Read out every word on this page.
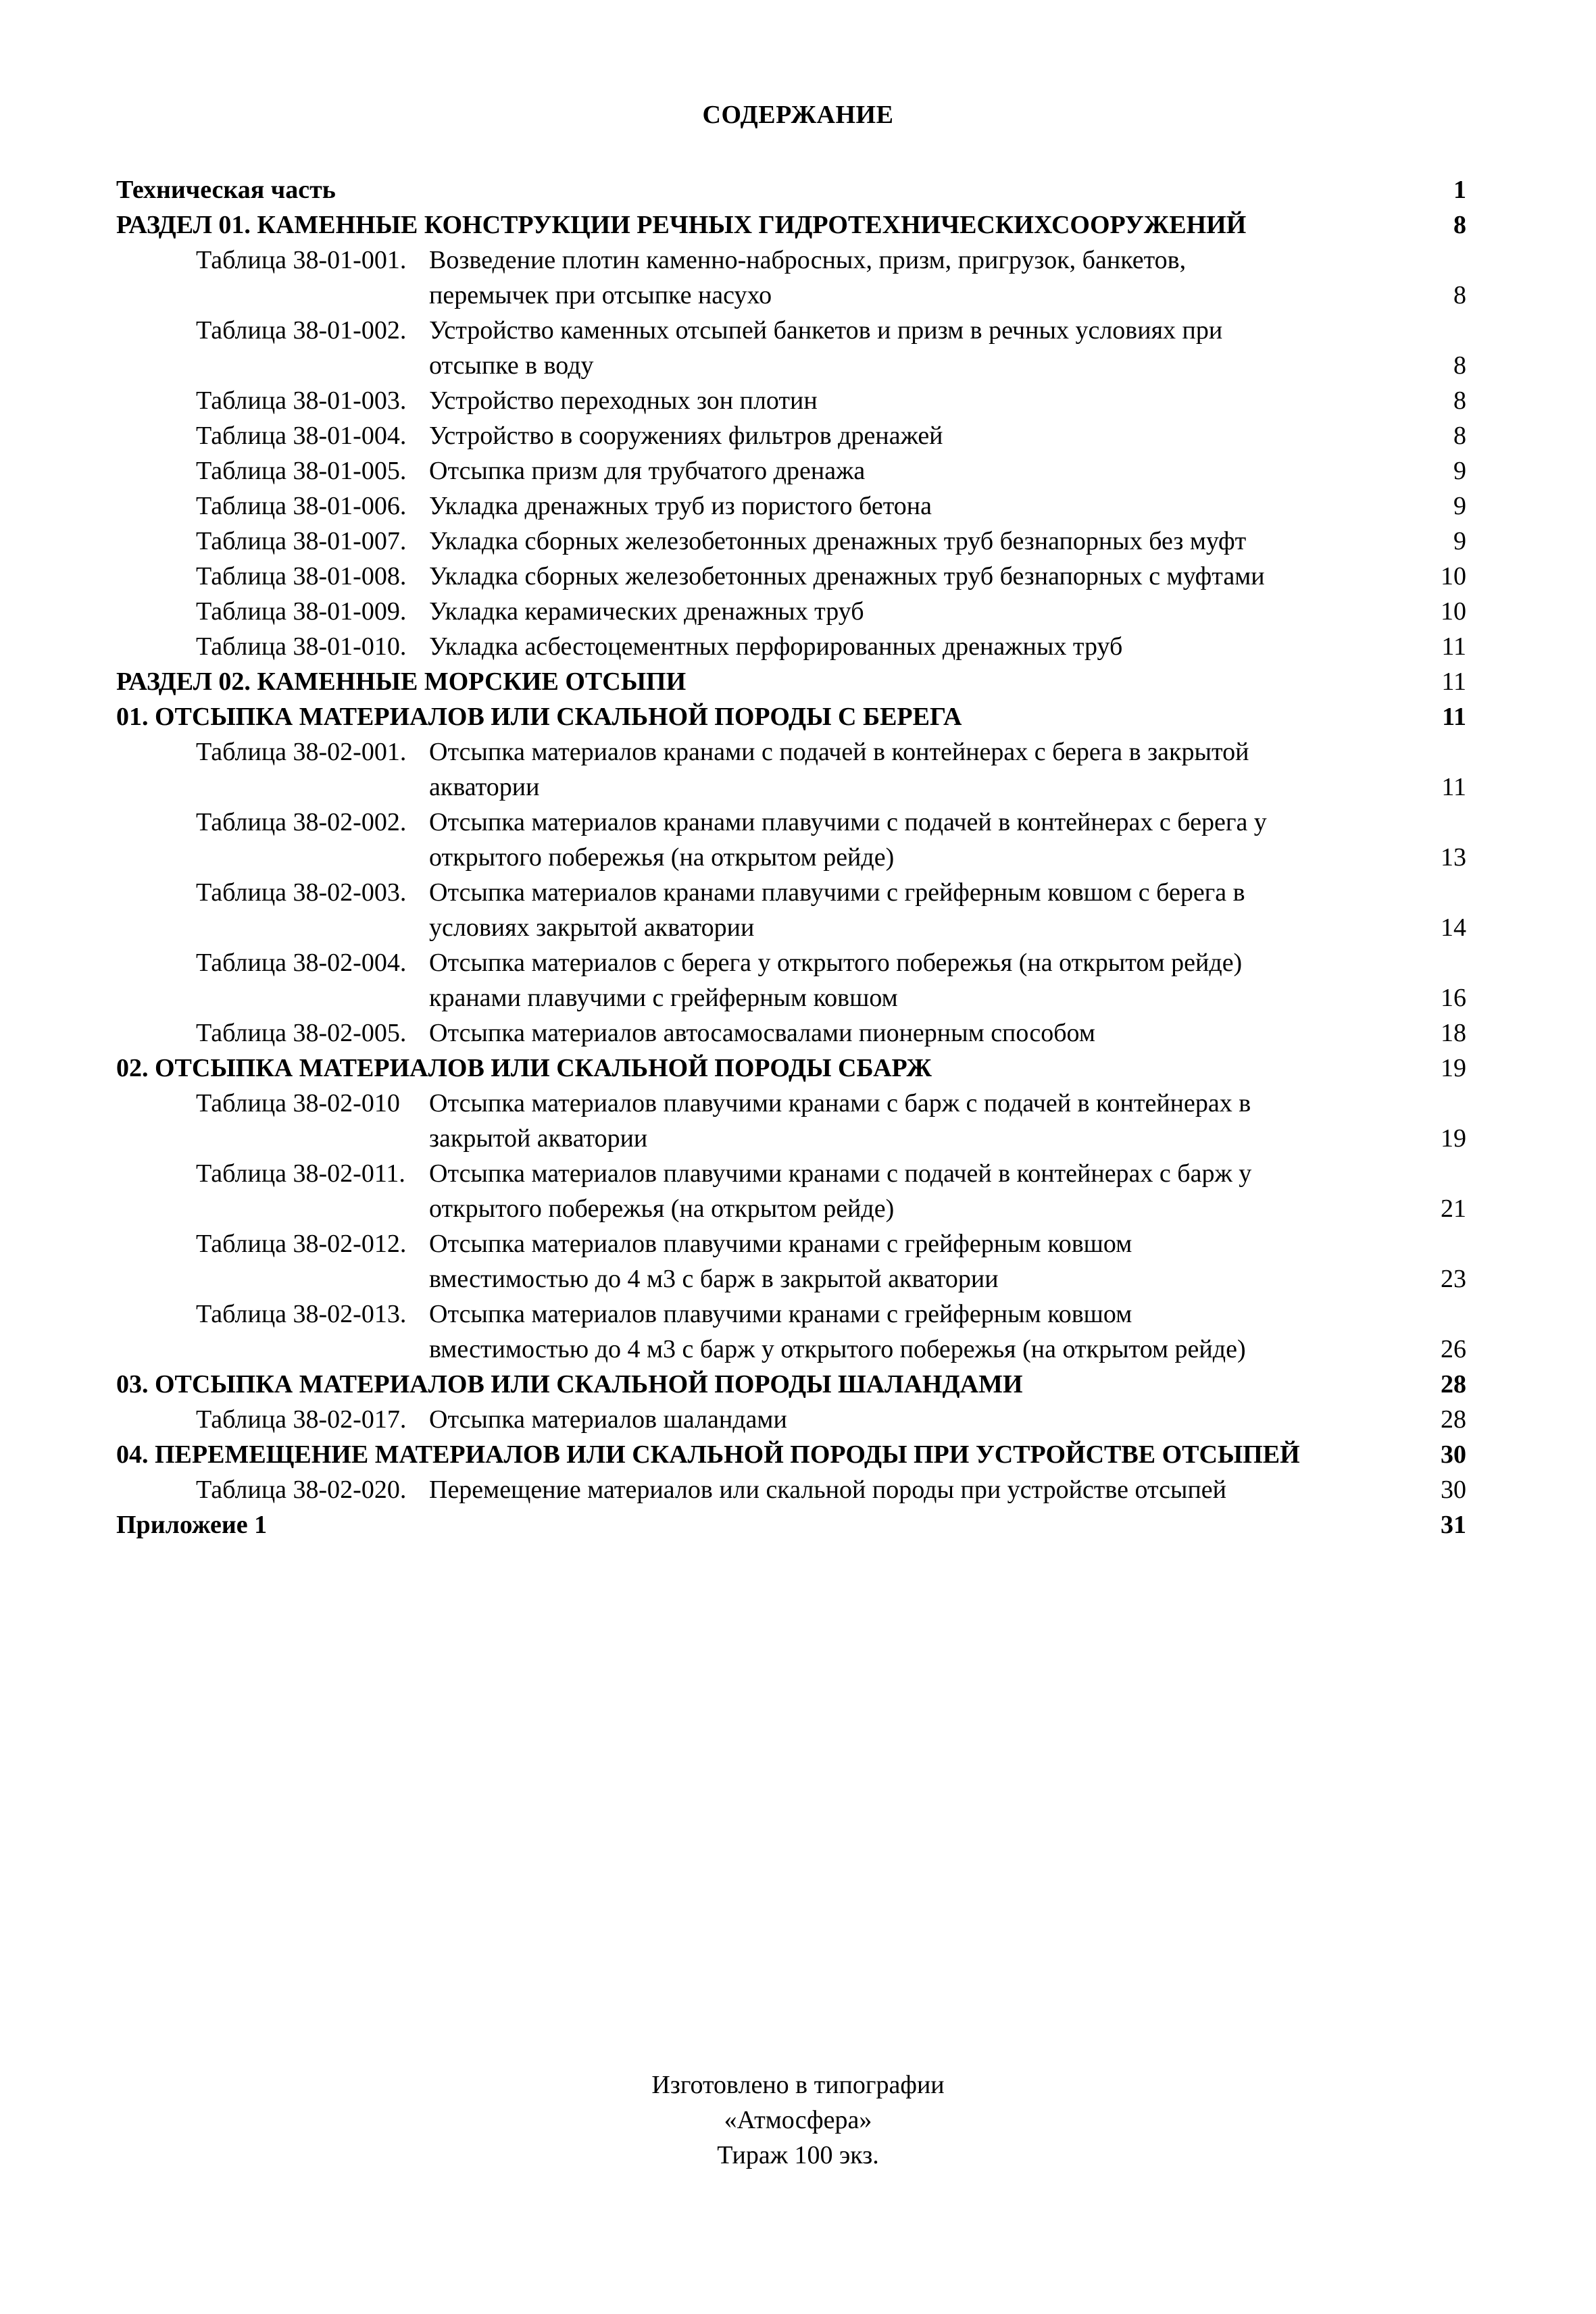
СОДЕРЖАНИЕ
Техническая часть	1
РАЗДЕЛ 01. КАМЕННЫЕ КОНСТРУКЦИИ РЕЧНЫХ ГИДРОТЕХНИЧЕСКИХСООРУЖЕНИЙ	8
Таблица 38-01-001. Возведение плотин каменно-набросных, призм, пригрузок, банкетов,
перемычек при отсыпке насухо	8
Таблица 38-01-002. Устройство каменных отсыпей банкетов и призм в речных условиях при
отсыпке в воду	8
Таблица 38-01-003. Устройство переходных зон плотин	8
Таблица 38-01-004. Устройство в сооружениях фильтров дренажей	8
Таблица 38-01-005. Отсыпка призм для трубчатого дренажа	9
Таблица 38-01-006. Укладка дренажных труб из пористого бетона	9
Таблица 38-01-007. Укладка сборных железобетонных дренажных труб безнапорных без муфт	9
Таблица 38-01-008. Укладка сборных железобетонных дренажных труб безнапорных с муфтами	10
Таблица 38-01-009. Укладка керамических дренажных труб	10
Таблица 38-01-010. Укладка асбестоцементных перфорированных дренажных труб	11
РАЗДЕЛ 02. КАМЕННЫЕ МОРСКИЕ ОТСЫПИ	11
01. ОТСЫПКА МАТЕРИАЛОВ ИЛИ СКАЛЬНОЙ ПОРОДЫ С БЕРЕГА	11
Таблица 38-02-001. Отсыпка материалов кранами с подачей в контейнерах с берега в закрытой
акватории	11
Таблица 38-02-002. Отсыпка материалов кранами плавучими с подачей в контейнерах с берега у
открытого побережья (на открытом рейде)	13
Таблица 38-02-003. Отсыпка материалов кранами плавучими с грейферным ковшом с берега в
условиях закрытой акватории	14
Таблица 38-02-004. Отсыпка материалов с берега у открытого побережья (на открытом рейде)
кранами плавучими с грейферным ковшом	16
Таблица 38-02-005. Отсыпка материалов автосамосвалами пионерным способом	18
02. ОТСЫПКА МАТЕРИАЛОВ ИЛИ СКАЛЬНОЙ ПОРОДЫ СБАРЖ	19
Таблица 38-02-010 Отсыпка материалов плавучими кранами с барж с подачей в контейнерах в
закрытой акватории	19
Таблица 38-02-011. Отсыпка материалов плавучими кранами с подачей в контейнерах с барж у
открытого побережья (на открытом рейде)	21
Таблица 38-02-012. Отсыпка материалов плавучими кранами с грейферным ковшом
вместимостью до 4 м3 с барж в закрытой акватории	23
Таблица 38-02-013. Отсыпка материалов плавучими кранами с грейферным ковшом
вместимостью до 4 м3 с барж у открытого побережья (на открытом рейде)	26
03. ОТСЫПКА МАТЕРИАЛОВ ИЛИ СКАЛЬНОЙ ПОРОДЫ ШАЛАНДАМИ	28
Таблица 38-02-017. Отсыпка материалов шаландами	28
04. ПЕРЕМЕЩЕНИЕ МАТЕРИАЛОВ ИЛИ СКАЛЬНОЙ ПОРОДЫ ПРИ УСТРОЙСТВЕ ОТСЫПЕЙ	30
Таблица 38-02-020. Перемещение материалов или скальной породы при устройстве отсыпей	30
Приложеие 1	31
Изготовлено в типографии
«Атмосфера»
Тираж 100 экз.
